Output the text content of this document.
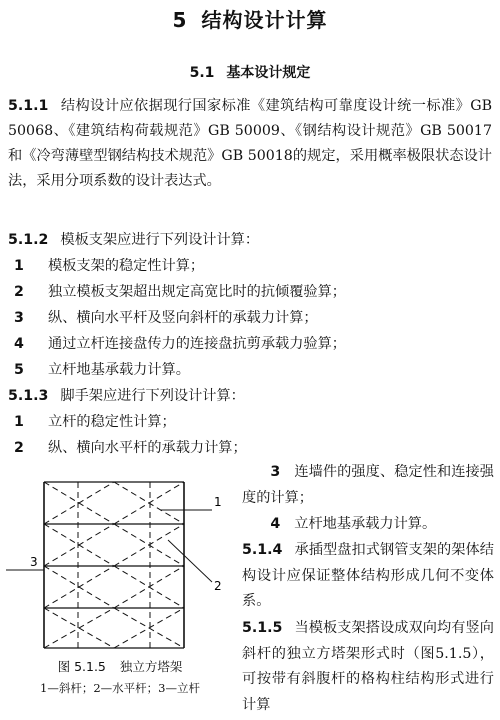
5 结构设计计算
5.1 基本设计规定
5.1.1 结构设计应依据现行国家标准《建筑结构可靠度设计统一标准》GB 50068、《建筑结构荷载规范》GB 50009、《钢结构设计规范》GB 50017 和《冷弯薄壁型钢结构技术规范》GB 50018的规定，采用概率极限状态设计法，采用分项系数的设计表达式。
5.1.2 模板支架应进行下列设计计算：
1 模板支架的稳定性计算；
2 独立模板支架超出规定高宽比时的抗倾覆验算；
3 纵、横向水平杆及竖向斜杆的承载力计算；
4 通过立杆连接盘传力的连接盘抗剪承载力验算；
5 立杆地基承载力计算。
5.1.3 脚手架应进行下列设计计算：
1 立杆的稳定性计算；
2 纵、横向水平杆的承载力计算；
1
2
3
图 5.1.5 独立方塔架
1—斜杆；2—水平杆；3—立杆
3 连墙件的强度、稳定性和连接强度的计算；
4 立杆地基承载力计算。
5.1.4 承插型盘扣式钢管支架的架体结构设计应保证整体结构形成几何不变体系。
5.1.5 当模板支架搭设成双向均有竖向斜杆的独立方塔架形式时（图5.1.5），可按带有斜腹杆的格构柱结构形式进行计算
